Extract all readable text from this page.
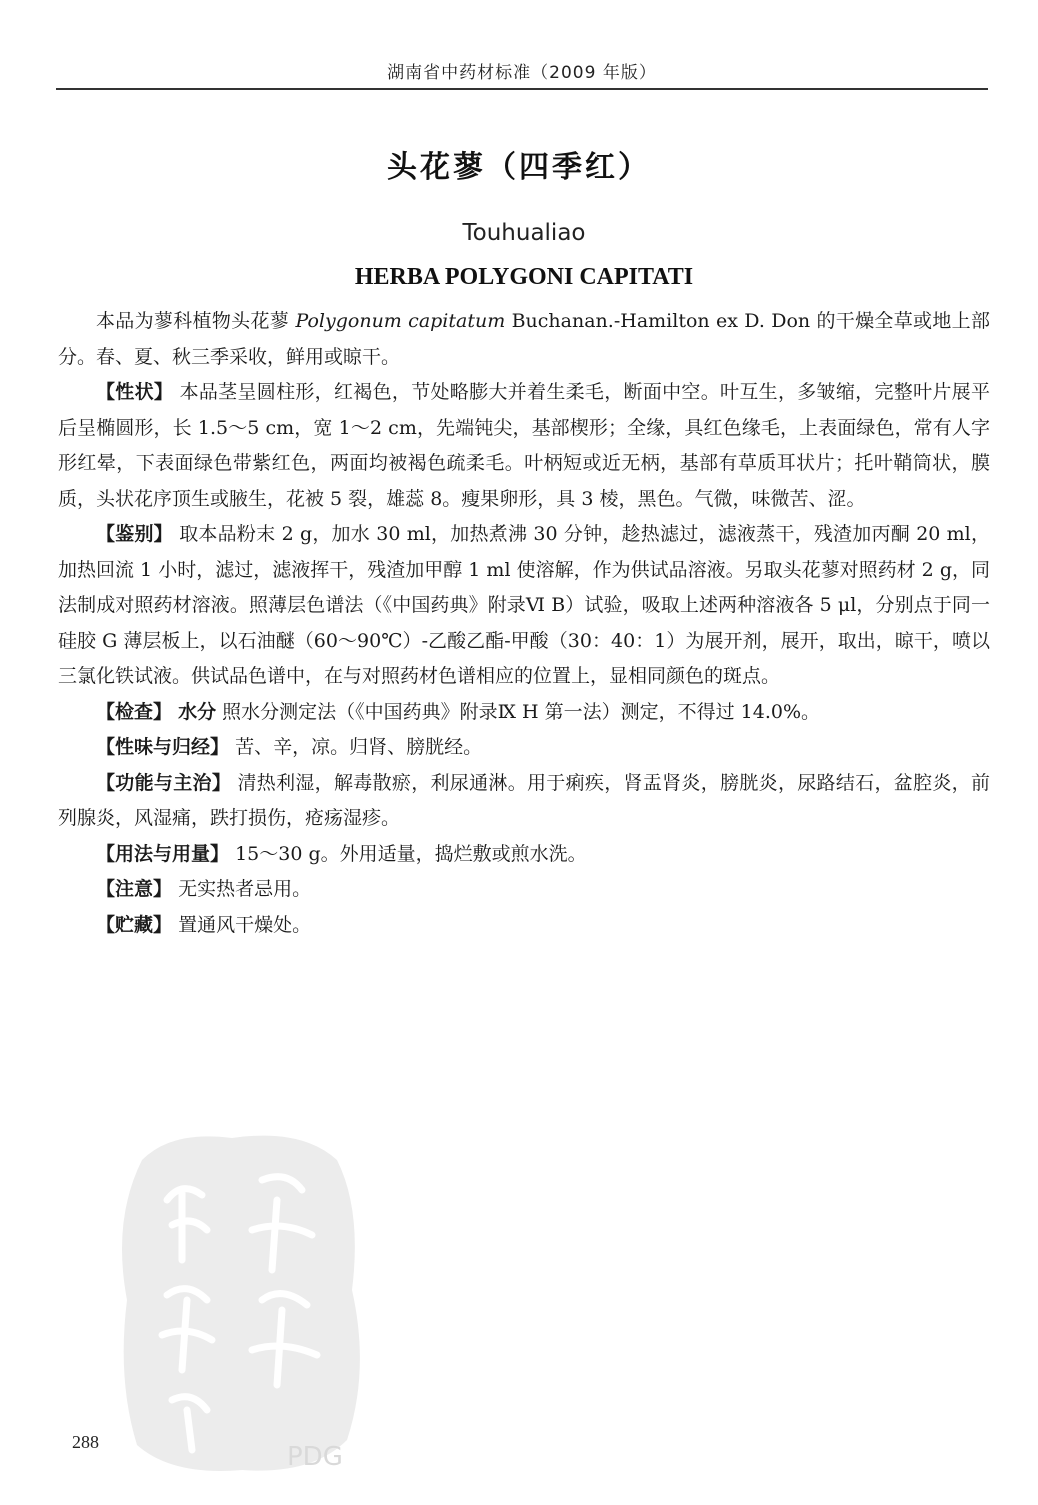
湖南省中药材标准（2009 年版）
头花蓼（四季红）
Touhualiao
HERBA POLYGONI CAPITATI

本品为蓼科植物头花蓼 Polygonum capitatum Buchanan.-Hamilton ex D. Don 的干燥全草或地上部分。春、夏、秋三季采收，鲜用或晾干。

【性状】 本品茎呈圆柱形，红褐色，节处略膨大并着生柔毛，断面中空。叶互生，多皱缩，完整叶片展平后呈椭圆形，长 1.5～5 cm，宽 1～2 cm，先端钝尖，基部楔形；全缘，具红色缘毛，上表面绿色，常有人字形红晕，下表面绿色带紫红色，两面均被褐色疏柔毛。叶柄短或近无柄，基部有草质耳状片；托叶鞘筒状，膜质，头状花序顶生或腋生，花被 5 裂，雄蕊 8。瘦果卵形，具 3 棱，黑色。气微，味微苦、涩。

【鉴别】 取本品粉末 2 g，加水 30 ml，加热煮沸 30 分钟，趁热滤过，滤液蒸干，残渣加丙酮 20 ml，加热回流 1 小时，滤过，滤液挥干，残渣加甲醇 1 ml 使溶解，作为供试品溶液。另取头花蓼对照药材 2 g，同法制成对照药材溶液。照薄层色谱法（《中国药典》附录Ⅵ B）试验，吸取上述两种溶液各 5 μl，分别点于同一硅胶 G 薄层板上，以石油醚（60～90℃）-乙酸乙酯-甲酸（30：40：1）为展开剂，展开，取出，晾干，喷以三氯化铁试液。供试品色谱中，在与对照药材色谱相应的位置上，显相同颜色的斑点。

【检查】 水分 照水分测定法（《中国药典》附录Ⅸ H 第一法）测定，不得过 14.0%。

【性味与归经】 苦、辛，凉。归肾、膀胱经。

【功能与主治】 清热利湿，解毒散瘀，利尿通淋。用于痢疾，肾盂肾炎，膀胱炎，尿路结石，盆腔炎，前列腺炎，风湿痛，跌打损伤，疮疡湿疹。

【用法与用量】 15～30 g。外用适量，捣烂敷或煎水洗。

【注意】 无实热者忌用。

【贮藏】 置通风干燥处。

PDG
288
